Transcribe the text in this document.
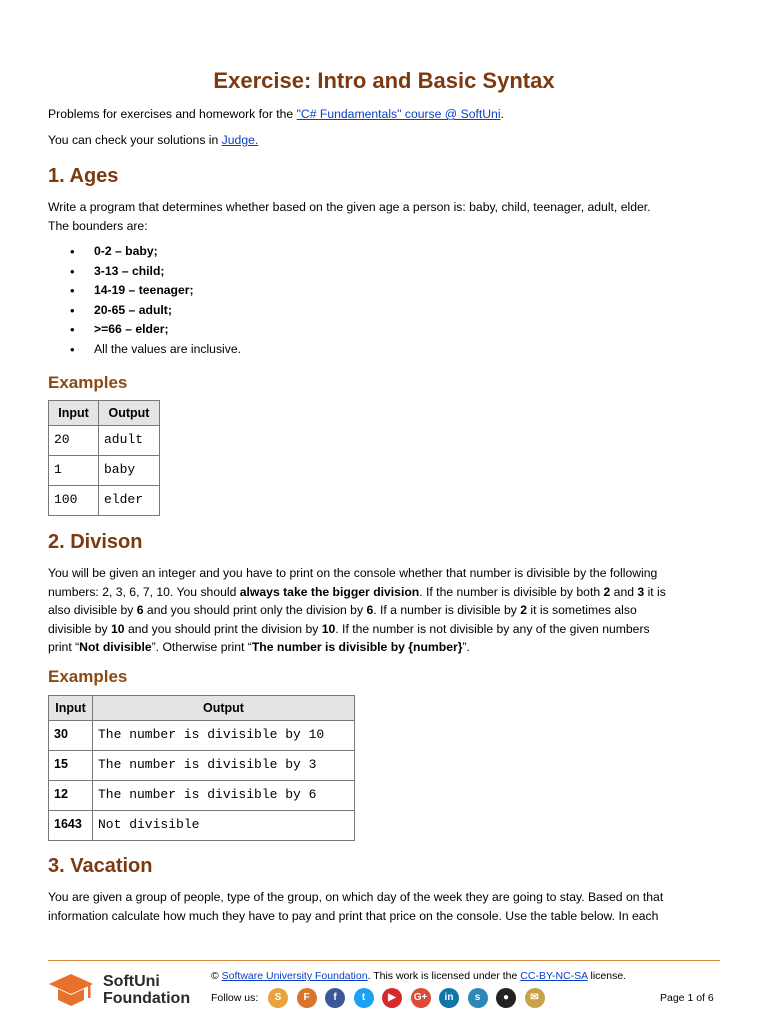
Exercise: Intro and Basic Syntax
Problems for exercises and homework for the "C# Fundamentals" course @ SoftUni.
You can check your solutions in Judge.
1. Ages
Write a program that determines whether based on the given age a person is: baby, child, teenager, adult, elder.
The bounders are:
• 0-2 – baby;
• 3-13 – child;
• 14-19 – teenager;
• 20-65 – adult;
• >=66 – elder;
• All the values are inclusive.
Examples
Input	Output
20	adult
1	baby
100	elder
2. Divison
You will be given an integer and you have to print on the console whether that number is divisible by the following
numbers: 2, 3, 6, 7, 10. You should always take the bigger division. If the number is divisible by both 2 and 3 it is
also divisible by 6 and you should print only the division by 6. If a number is divisible by 2 it is sometimes also
divisible by 10 and you should print the division by 10. If the number is not divisible by any of the given numbers
print “Not divisible”. Otherwise print “The number is divisible by {number}”.
Examples
Input	Output
30	The number is divisible by 10
15	The number is divisible by 3
12	The number is divisible by 6
1643	Not divisible
3. Vacation
You are given a group of people, type of the group, on which day of the week they are going to stay. Based on that
information calculate how much they have to pay and print that price on the console. Use the table below. In each
SoftUni
Foundation
© Software University Foundation. This work is licensed under the CC-BY-NC-SA license.
Follow us:	S	F	f	t	▶	G+	in	s	●	✉	Page 1 of 6
